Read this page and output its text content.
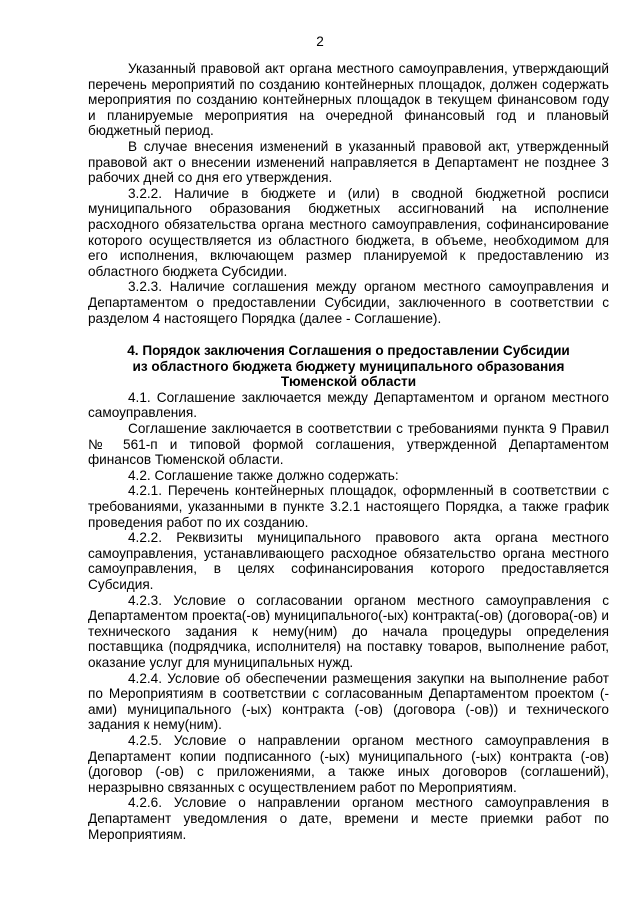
2

Указанный правовой акт органа местного самоуправления, утверждающий перечень мероприятий по созданию контейнерных площадок, должен содержать мероприятия по созданию контейнерных площадок в текущем финансовом году и планируемые мероприятия на очередной финансовый год и плановый бюджетный период.

В случае внесения изменений в указанный правовой акт, утвержденный правовой акт о внесении изменений направляется в Департамент не позднее 3 рабочих дней со дня его утверждения.

3.2.2. Наличие в бюджете и (или) в сводной бюджетной росписи муниципального образования бюджетных ассигнований на исполнение расходного обязательства органа местного самоуправления, софинансирование которого осуществляется из областного бюджета, в объеме, необходимом для его исполнения, включающем размер планируемой к предоставлению из областного бюджета Субсидии.

3.2.3. Наличие соглашения между органом местного самоуправления и Департаментом о предоставлении Субсидии, заключенного в соответствии с разделом 4 настоящего Порядка (далее - Соглашение).

4. Порядок заключения Соглашения о предоставлении Субсидии
из областного бюджета бюджету муниципального образования
Тюменской области

4.1. Соглашение заключается между Департаментом и органом местного самоуправления.

Соглашение заключается в соответствии с требованиями пункта 9 Правил № 561-п и типовой формой соглашения, утвержденной Департаментом финансов Тюменской области.

4.2. Соглашение также должно содержать:

4.2.1. Перечень контейнерных площадок, оформленный в соответствии с требованиями, указанными в пункте 3.2.1 настоящего Порядка, а также график проведения работ по их созданию.

4.2.2. Реквизиты муниципального правового акта органа местного самоуправления, устанавливающего расходное обязательство органа местного самоуправления, в целях софинансирования которого предоставляется Субсидия.

4.2.3. Условие о согласовании органом местного самоуправления с Департаментом проекта(-ов) муниципального(-ых) контракта(-ов) (договора(-ов) и технического задания к нему(ним) до начала процедуры определения поставщика (подрядчика, исполнителя) на поставку товаров, выполнение работ, оказание услуг для муниципальных нужд.

4.2.4. Условие об обеспечении размещения закупки на выполнение работ по Мероприятиям в соответствии с согласованным Департаментом проектом (-ами) муниципального (-ых) контракта (-ов) (договора (-ов)) и технического задания к нему(ним).

4.2.5. Условие о направлении органом местного самоуправления в Департамент копии подписанного (-ых) муниципального (-ых) контракта (-ов) (договор (-ов) с приложениями, а также иных договоров (соглашений), неразрывно связанных с осуществлением работ по Мероприятиям.

4.2.6. Условие о направлении органом местного самоуправления в Департамент уведомления о дате, времени и месте приемки работ по Мероприятиям.
